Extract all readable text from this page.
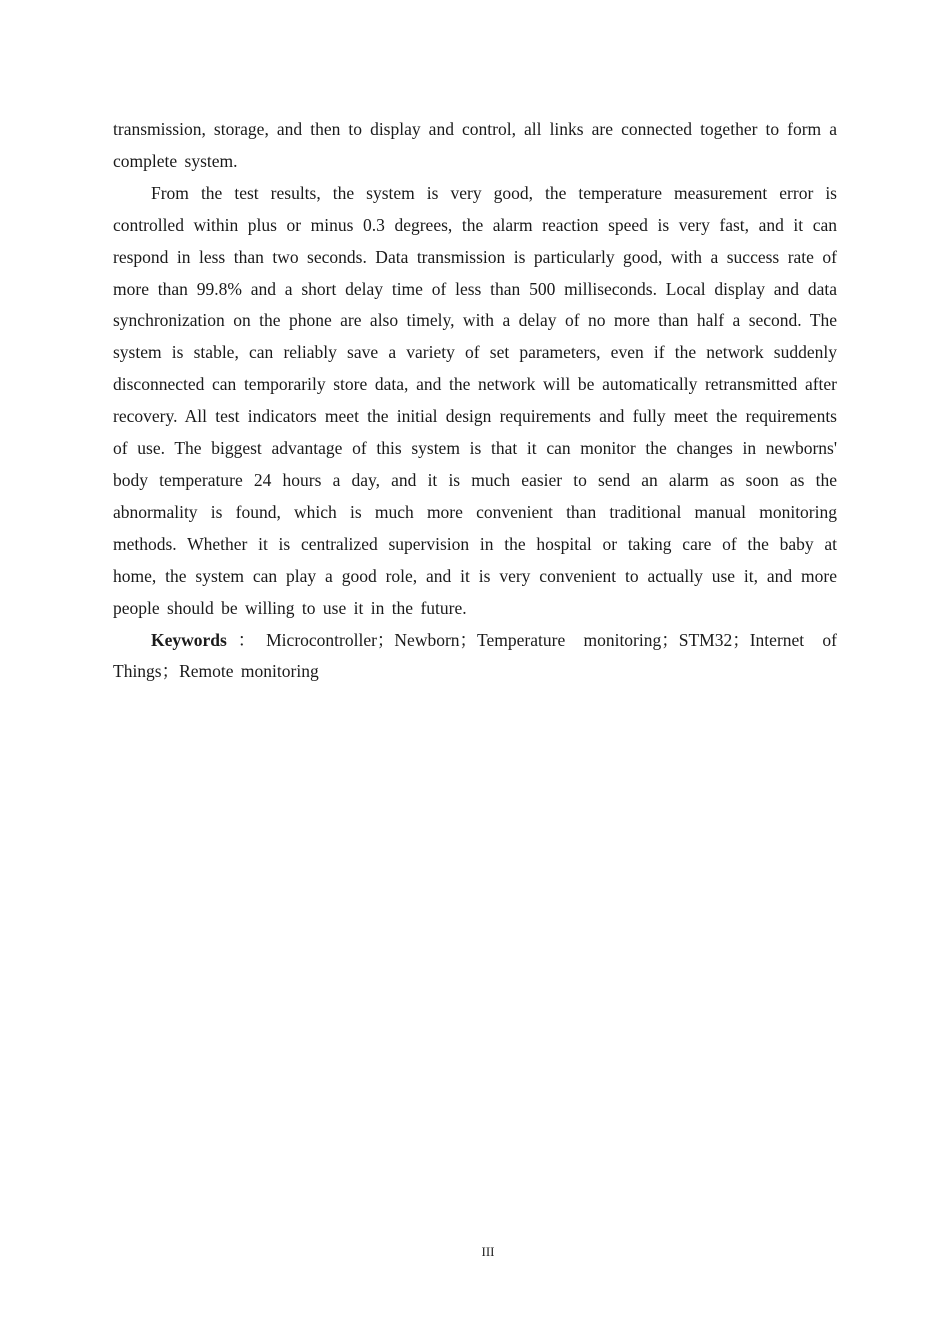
transmission, storage, and then to display and control, all links are connected together to form a complete system.

From the test results, the system is very good, the temperature measurement error is controlled within plus or minus 0.3 degrees, the alarm reaction speed is very fast, and it can respond in less than two seconds. Data transmission is particularly good, with a success rate of more than 99.8% and a short delay time of less than 500 milliseconds. Local display and data synchronization on the phone are also timely, with a delay of no more than half a second. The system is stable, can reliably save a variety of set parameters, even if the network suddenly disconnected can temporarily store data, and the network will be automatically retransmitted after recovery. All test indicators meet the initial design requirements and fully meet the requirements of use. The biggest advantage of this system is that it can monitor the changes in newborns' body temperature 24 hours a day, and it is much easier to send an alarm as soon as the abnormality is found, which is much more convenient than traditional manual monitoring methods. Whether it is centralized supervision in the hospital or taking care of the baby at home, the system can play a good role, and it is very convenient to actually use it, and more people should be willing to use it in the future.

Keywords：Microcontroller；Newborn；Temperature monitoring；STM32；Internet of Things；Remote monitoring

III
